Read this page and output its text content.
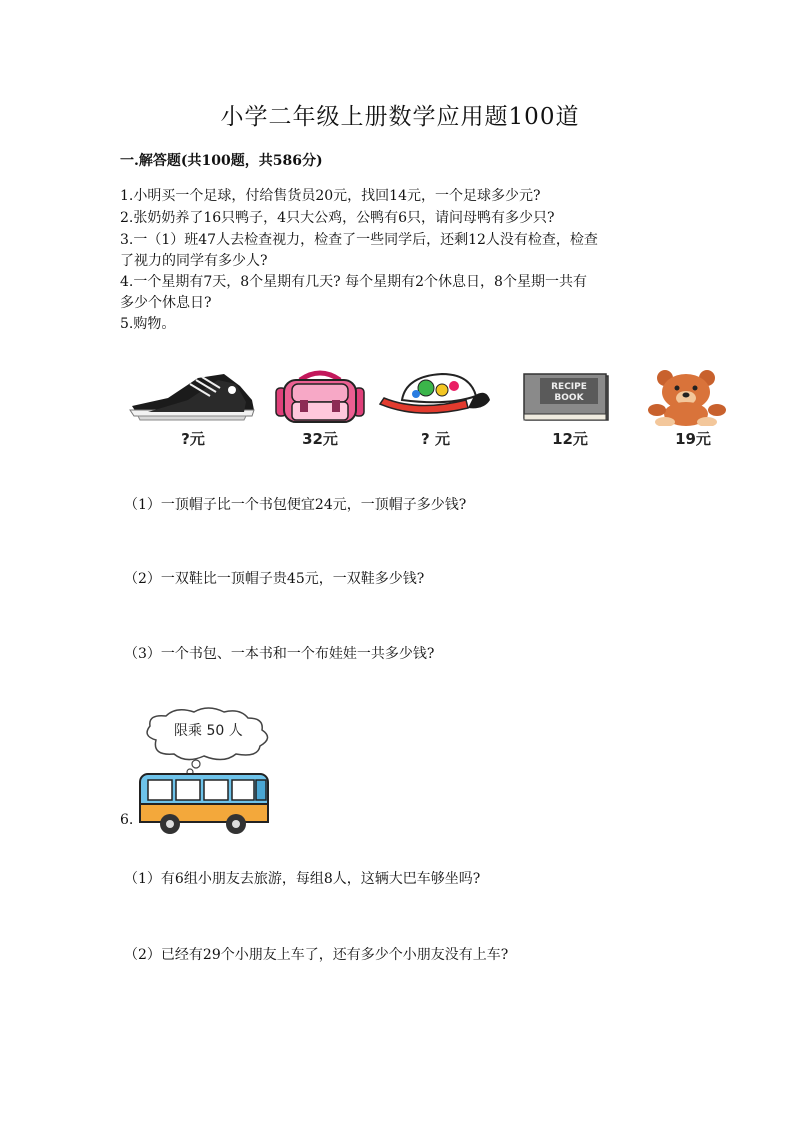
小学二年级上册数学应用题100道
一.解答题(共100题，共586分)
1.小明买一个足球，付给售货员20元，找回14元，一个足球多少元?
2.张奶奶养了16只鸭子，4只大公鸡，公鸭有6只，请问母鸭有多少只?
3.一（1）班47人去检查视力，检查了一些同学后，还剩12人没有检查，检查
了视力的同学有多少人?
4.一个星期有7天，8个星期有几天? 每个星期有2个休息日，8个星期一共有
多少个休息日?
5.购物。
?元	32元	? 元
RECIPE
BOOK
12元	19元
（1）一顶帽子比一个书包便宜24元，一顶帽子多少钱?
（2）一双鞋比一顶帽子贵45元，一双鞋多少钱?
（3）一个书包、一本书和一个布娃娃一共多少钱?
6.
限乘 50 人
（1）有6组小朋友去旅游，每组8人，这辆大巴车够坐吗?
（2）已经有29个小朋友上车了，还有多少个小朋友没有上车?
